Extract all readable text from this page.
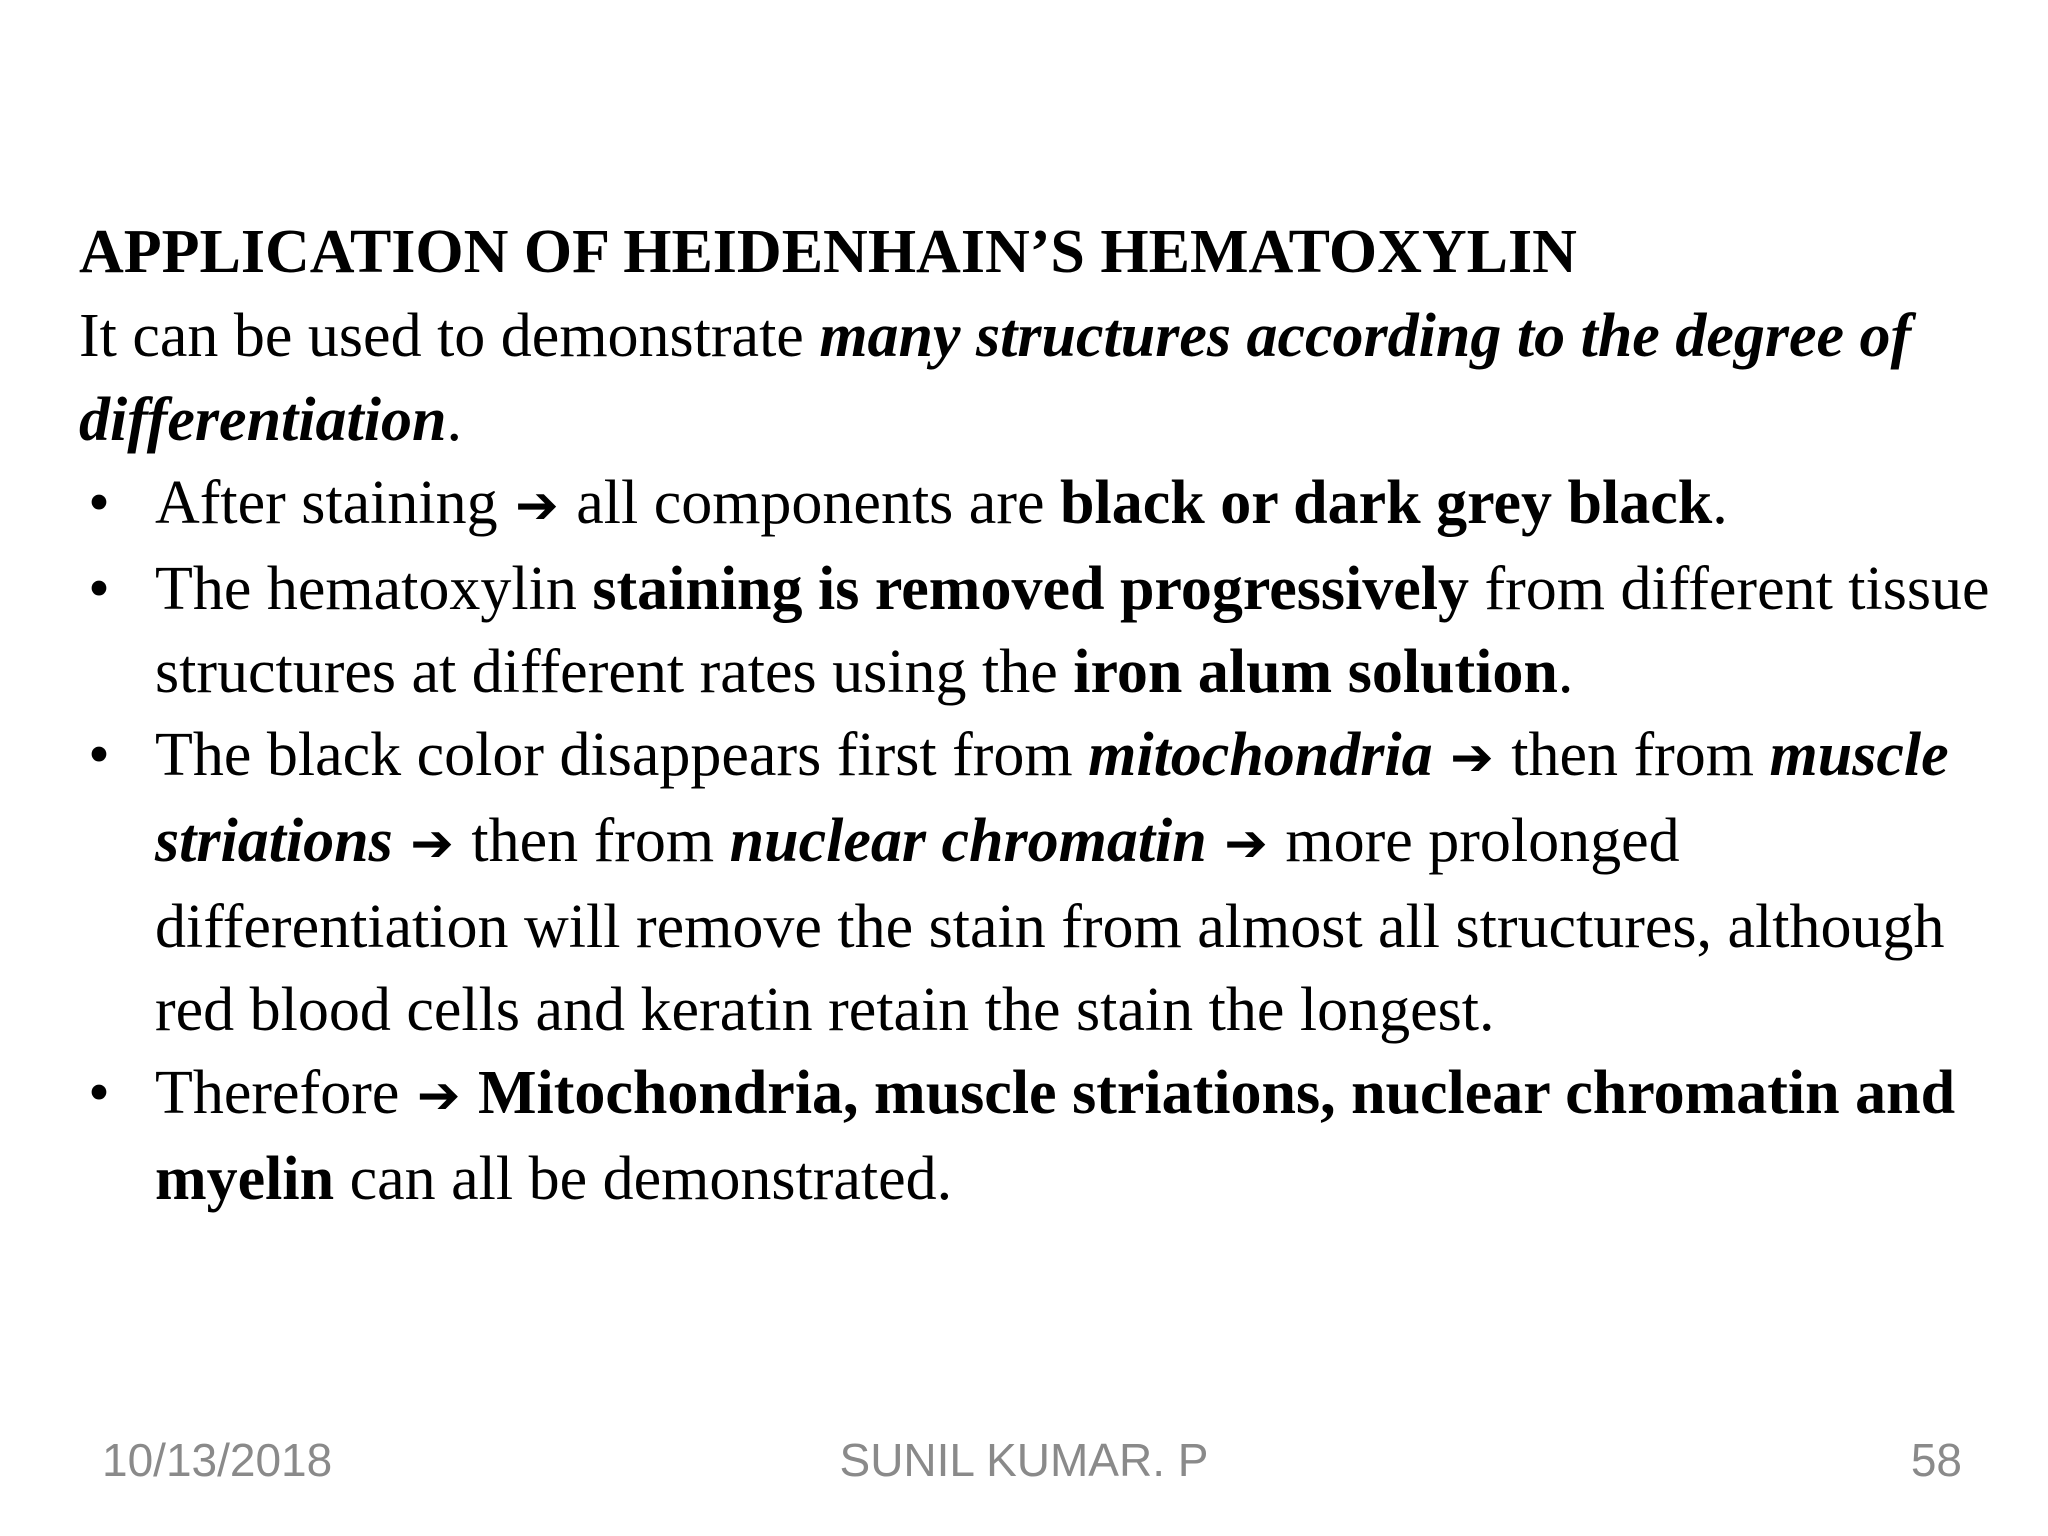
APPLICATION OF HEIDENHAIN’S HEMATOXYLIN

It can be used to demonstrate many structures according to the degree of differentiation.

• After staining ➔ all components are black or dark grey black.
• The hematoxylin staining is removed progressively from different tissue structures at different rates using the iron alum solution.
• The black color disappears first from mitochondria ➔ then from muscle striations ➔ then from nuclear chromatin ➔ more prolonged differentiation will remove the stain from almost all structures, although red blood cells and keratin retain the stain the longest.
• Therefore ➔ Mitochondria, muscle striations, nuclear chromatin and myelin can all be demonstrated.
SUNIL KUMAR. P
10/13/2018	58
